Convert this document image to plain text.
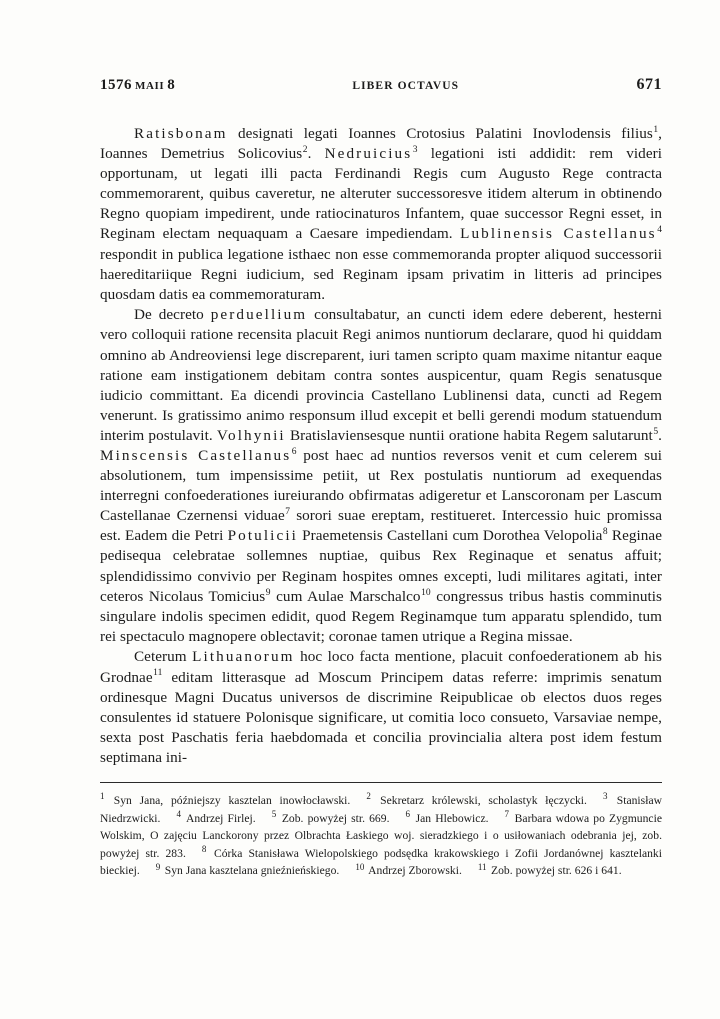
1576 MAII 8	LIBER OCTAVUS	671

Ratisbonam designati legati Ioannes Crotosius Palatini Inovlodensis filius$^1$, Ioannes Demetrius Solicovius$^2$. Nedruicius$^3$ legationi isti addidit: rem videri opportunam, ut legati illi pacta Ferdinandi Regis cum Augusto Rege contracta commemorarent, quibus caveretur, ne alteruter successoresve itidem alterum in obtinendo Regno quopiam impedirent, unde ratiocinaturos Infantem, quae successor Regni esset, in Reginam electam nequaquam a Caesare impediendam. Lublinensis Castellanus$^4$ respondit in publica legatione isthaec non esse commemoranda propter aliquod successorii haereditariique Regni iudicium, sed Reginam ipsam privatim in litteris ad principes quosdam datis ea commemoraturam.

De decreto perduellium consultabatur, an cuncti idem edere deberent, hesterni vero colloquii ratione recensita placuit Regi animos nuntiorum declarare, quod hi quiddam omnino ab Andreoviensi lege discreparent, iuri tamen scripto quam maxime nitantur eaque ratione eam instigationem debitam contra sontes auspicentur, quam Regis senatusque iudicio committant. Ea dicendi provincia Castellano Lublinensi data, cuncti ad Regem venerunt. Is gratissimo animo responsum illud excepit et belli gerendi modum statuendum interim postulavit. Volhynii Bratislaviensesque nuntii oratione habita Regem salutarunt$^5$. Minscensis Castellanus$^6$ post haec ad nuntios reversos venit et cum celerem sui absolutionem, tum impensissime petiit, ut Rex postulatis nuntiorum ad exequendas interregni confoederationes iureiurando obfirmatas adigeretur et Lanscoronam per Lascum Castellanae Czernensi viduae$^7$ sorori suae ereptam, restitueret. Intercessio huic promissa est. Eadem die Petri Potulicii Praemetensis Castellani cum Dorothea Velopolia$^8$ Reginae pedisequa celebratae sollemnes nuptiae, quibus Rex Reginaque et senatus affuit; splendidissimo convivio per Reginam hospites omnes excepti, ludi militares agitati, inter ceteros Nicolaus Tomicius$^9$ cum Aulae Marschalco$^{10}$ congressus tribus hastis comminutis singulare indolis specimen edidit, quod Regem Reginamque tum apparatu splendido, tum rei spectaculo magnopere oblectavit; coronae tamen utrique a Regina missae.

Ceterum Lithuanorum hoc loco facta mentione, placuit confoederationem ab his Grodnae$^{11}$ editam litterasque ad Moscum Principem datas referre: imprimis senatum ordinesque Magni Ducatus universos de discrimine Reipublicae ob electos duos reges consulentes id statuere Polonisque significare, ut comitia loco consueto, Varsaviae nempe, sexta post Paschatis feria haebdomada et concilia provincialia altera post idem festum septimana ini-

$^1$ Syn Jana, późniejszy kasztelan inowłocławski. $^2$ Sekretarz królewski, scholastyk łęczycki. $^3$ Stanisław Niedrzwicki. $^4$ Andrzej Firlej. $^5$ Zob. powyżej str. 669. $^6$ Jan Hlebowicz. $^7$ Barbara wdowa po Zygmuncie Wolskim, O zajęciu Lanckorony przez Olbrachta Łaskiego woj. sieradzkiego i o usiłowaniach odebrania jej, zob. powyżej str. 283. $^8$ Córka Stanisława Wielopolskiego podsędka krakowskiego i Zofii Jordanównej kasztelanki bieckiej. $^9$ Syn Jana kasztelana gnieźnieńskiego. $^{10}$ Andrzej Zborowski. $^{11}$ Zob. powyżej str. 626 i 641.
